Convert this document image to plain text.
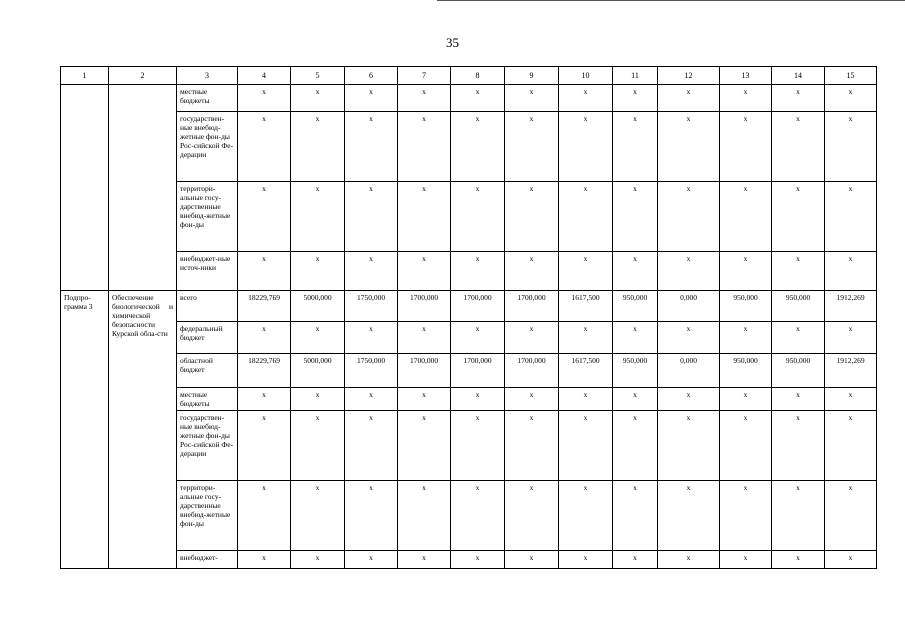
35
1	2	3	4	5	6	7	8	9	10	11	12	13	14	15
		местные бюджеты	x	x	x	x	x	x	x	x	x	x	x	x
		государствен-ные внебюд-жетные фон-ды Рос-сийской Фе-дерации	x	x	x	x	x	x	x	x	x	x	x	x
		территори-альные госу-дарственные внебюд-жетные фон-ды	x	x	x	x	x	x	x	x	x	x	x	x
		внебюджет-ные источ-ники	x	x	x	x	x	x	x	x	x	x	x	x
Подпро-грамма 3	Обеспечение биологической и химической безопасности Курской обла-сти	всего	18229,769	5000,000	1750,000	1700,000	1700,000	1700,000	1617,500	950,000	0,000	950,000	950,000	1912,269
		федеральный бюджет	x	x	x	x	x	x	x	x	x	x	x	x
		областной бюджет	18229,769	5000,000	1750,000	1700,000	1700,000	1700,000	1617,500	950,000	0,000	950,000	950,000	1912,269
		местные бюджеты	x	x	x	x	x	x	x	x	x	x	x	x
		государствен-ные внебюд-жетные фон-ды Рос-сийской Фе-дерации	x	x	x	x	x	x	x	x	x	x	x	x
		территори-альные госу-дарственные внебюд-жетные фон-ды	x	x	x	x	x	x	x	x	x	x	x	x
		внебюджет-	x	x	x	x	x	x	x	x	x	x	x	x
